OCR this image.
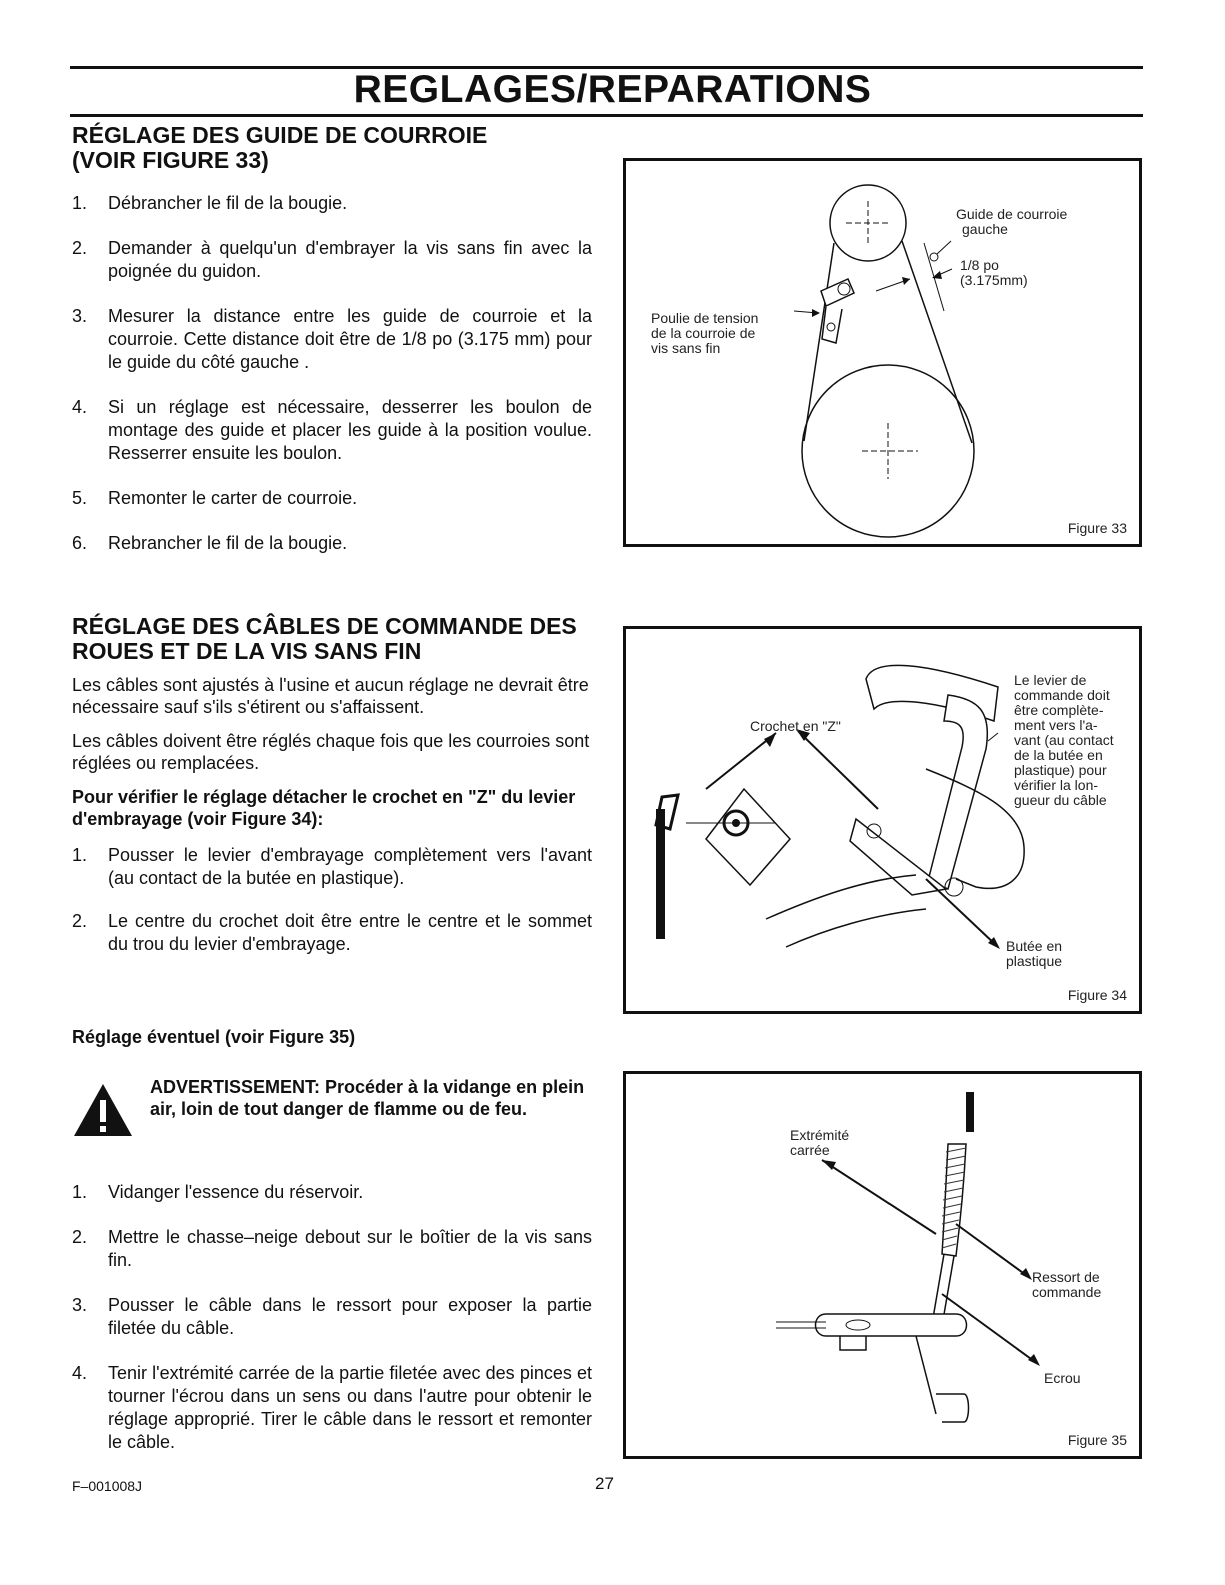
REGLAGES/REPARATIONS
RÉGLAGE DES GUIDE DE COURROIE
(VOIR FIGURE 33)
1.	Débrancher le fil de la bougie.
2.	Demander à quelqu'un d'embrayer la vis sans fin avec la poignée du guidon.
3.	Mesurer la distance entre les guide de courroie et la courroie. Cette distance doit être de 1/8 po (3.175 mm) pour le guide du côté gauche .
4.	Si un réglage est nécessaire, desserrer les boulon de montage des guide et placer les guide à la position voulue. Resserrer ensuite les boulon.
5.	Remonter le carter de courroie.
6.	Rebrancher le fil de la bougie.
RÉGLAGE DES CÂBLES DE COMMANDE DES
ROUES ET DE LA VIS SANS FIN

Les câbles sont ajustés à l'usine et aucun réglage ne devrait être nécessaire sauf s'ils s'étirent ou s'affaissent.

Les câbles doivent être réglés chaque fois que les courroies sont réglées ou remplacées.

Pour vérifier le réglage détacher le crochet en "Z" du levier d'embrayage (voir Figure 34):

1.	Pousser le levier d'embrayage complètement vers l'avant (au contact de la butée en plastique).
2.	Le centre du crochet doit être entre le centre et le sommet du trou du levier d'embrayage.
Réglage éventuel (voir Figure 35)
ADVERTISSEMENT: Procéder à la vidange en plein air, loin de tout danger de flamme ou de feu.
1.	Vidanger l'essence du réservoir.
2.	Mettre le chasse–neige debout sur le boîtier de la vis sans fin.
3.	Pousser le câble dans le ressort pour exposer la partie filetée du câble.
4.	Tenir l'extrémité carrée de la partie filetée avec des pinces et tourner l'écrou dans un sens ou dans l'autre pour obtenir le réglage approprié. Tirer le câble dans le ressort et remonter le câble.
Guide de courroie
gauche
1/8 po
(3.175mm)
Poulie de tension
de la courroie de
vis sans fin
Figure 33
Crochet en "Z"
Le levier de
commande doit
être complète-
ment vers l'a-
vant (au contact
de la butée en
plastique) pour
vérifier la lon-
gueur du câble
Butée en
plastique
Figure 34
Extrémité
carrée
Ressort de
commande
Ecrou
Figure 35
F–001008J	27
